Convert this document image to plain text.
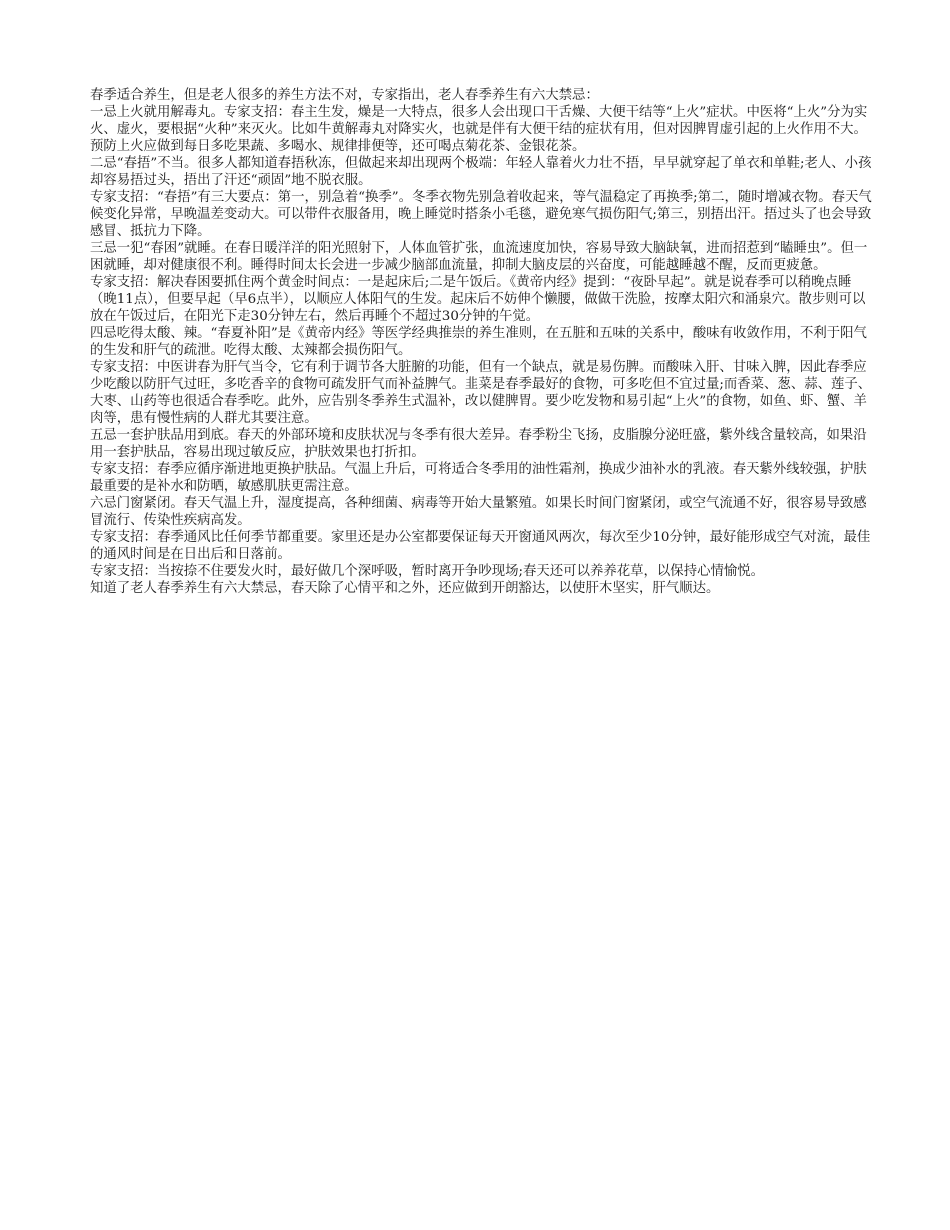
春季适合养生，但是老人很多的养生方法不对，专家指出，老人春季养生有六大禁忌：

一忌上火就用解毒丸。专家支招：春主生发，燥是一大特点，很多人会出现口干舌燥、大便干结等“上火”症状。中医将“上火”分为实火、虚火，要根据“火种”来灭火。比如牛黄解毒丸对降实火，也就是伴有大便干结的症状有用，但对因脾胃虚引起的上火作用不大。预防上火应做到每日多吃果蔬、多喝水、规律排便等，还可喝点菊花茶、金银花茶。

二忌“春捂”不当。很多人都知道春捂秋冻，但做起来却出现两个极端：年轻人靠着火力壮不捂，早早就穿起了单衣和单鞋;老人、小孩却容易捂过头，捂出了汗还“顽固”地不脱衣服。

专家支招：“春捂”有三大要点：第一，别急着“换季”。冬季衣物先别急着收起来，等气温稳定了再换季;第二，随时增减衣物。春天气候变化异常，早晚温差变动大。可以带件衣服备用，晚上睡觉时搭条小毛毯，避免寒气损伤阳气;第三，别捂出汗。捂过头了也会导致感冒、抵抗力下降。

三忌一犯“春困”就睡。在春日暖洋洋的阳光照射下，人体血管扩张，血流速度加快，容易导致大脑缺氧，进而招惹到“瞌睡虫”。但一困就睡，却对健康很不利。睡得时间太长会进一步减少脑部血流量，抑制大脑皮层的兴奋度，可能越睡越不醒，反而更疲惫。

专家支招：解决春困要抓住两个黄金时间点：一是起床后;二是午饭后。《黄帝内经》提到：“夜卧早起”。就是说春季可以稍晚点睡（晚11点），但要早起（早6点半），以顺应人体阳气的生发。起床后不妨伸个懒腰，做做干洗脸，按摩太阳穴和涌泉穴。散步则可以放在午饭过后，在阳光下走30分钟左右，然后再睡个不超过30分钟的午觉。

四忌吃得太酸、辣。“春夏补阳”是《黄帝内经》等医学经典推崇的养生准则，在五脏和五味的关系中，酸味有收敛作用，不利于阳气的生发和肝气的疏泄。吃得太酸、太辣都会损伤阳气。

专家支招：中医讲春为肝气当令，它有利于调节各大脏腑的功能，但有一个缺点，就是易伤脾。而酸味入肝、甘味入脾，因此春季应少吃酸以防肝气过旺，多吃香辛的食物可疏发肝气而补益脾气。韭菜是春季最好的食物，可多吃但不宜过量;而香菜、葱、蒜、莲子、大枣、山药等也很适合春季吃。此外，应告别冬季养生式温补，改以健脾胃。要少吃发物和易引起“上火”的食物，如鱼、虾、蟹、羊肉等，患有慢性病的人群尤其要注意。

五忌一套护肤品用到底。春天的外部环境和皮肤状况与冬季有很大差异。春季粉尘飞扬，皮脂腺分泌旺盛，紫外线含量较高，如果沿用一套护肤品，容易出现过敏反应，护肤效果也打折扣。

专家支招：春季应循序渐进地更换护肤品。气温上升后，可将适合冬季用的油性霜剂，换成少油补水的乳液。春天紫外线较强，护肤最重要的是补水和防晒，敏感肌肤更需注意。

六忌门窗紧闭。春天气温上升，湿度提高，各种细菌、病毒等开始大量繁殖。如果长时间门窗紧闭，或空气流通不好，很容易导致感冒流行、传染性疾病高发。

专家支招：春季通风比任何季节都重要。家里还是办公室都要保证每天开窗通风两次，每次至少10分钟，最好能形成空气对流，最佳的通风时间是在日出后和日落前。

专家支招：当按捺不住要发火时，最好做几个深呼吸，暂时离开争吵现场;春天还可以养养花草，以保持心情愉悦。

知道了老人春季养生有六大禁忌，春天除了心情平和之外，还应做到开朗豁达，以使肝木坚实，肝气顺达。
